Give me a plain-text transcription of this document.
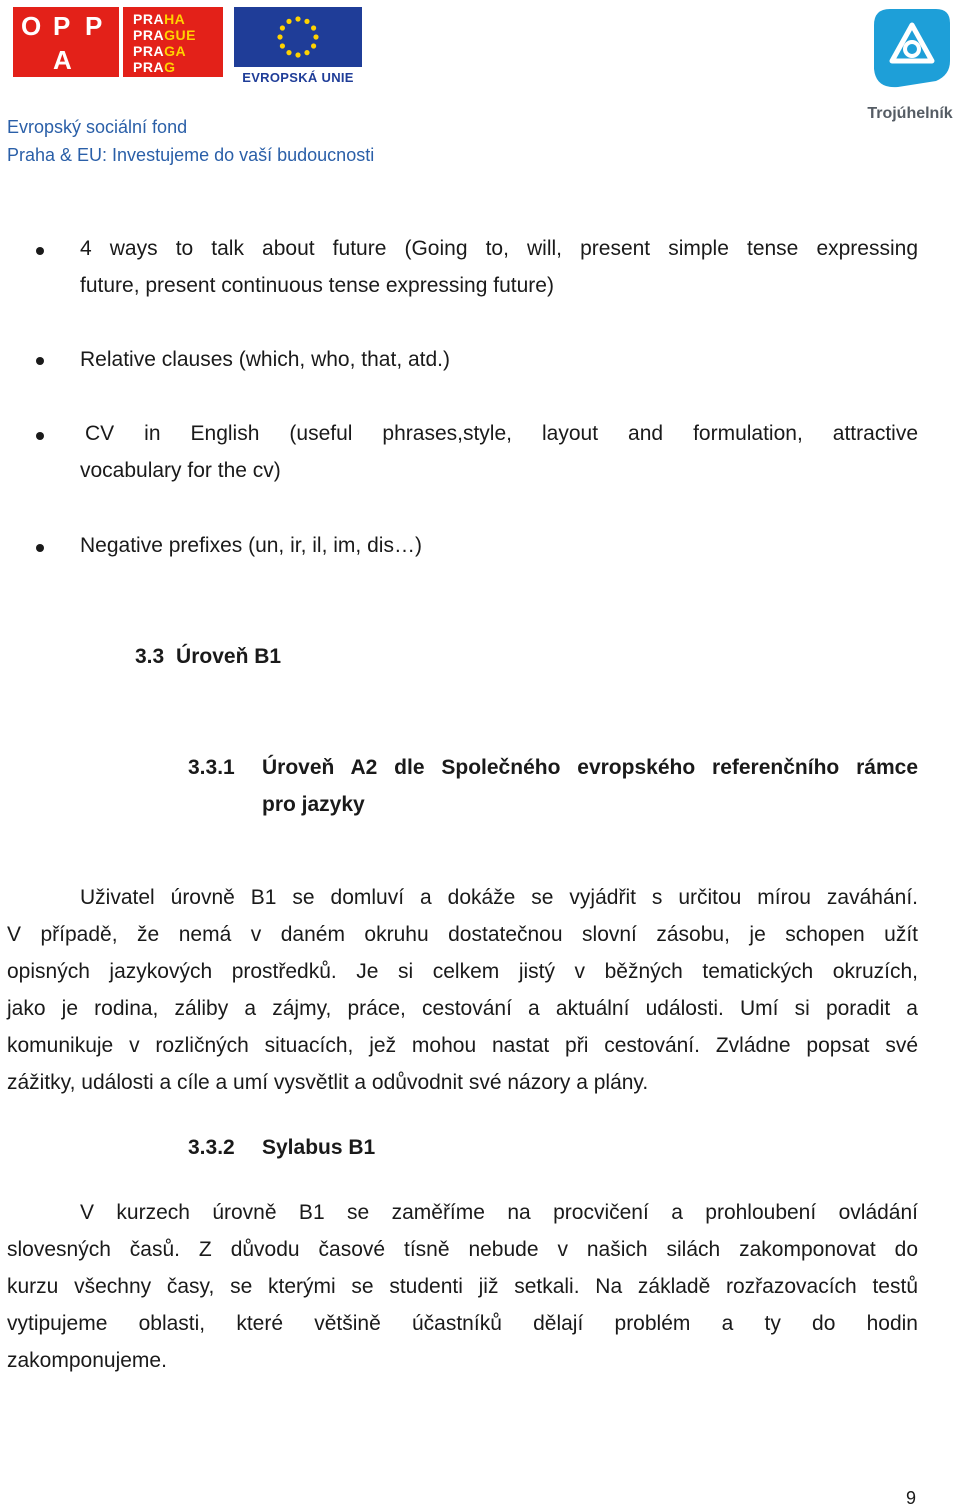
O P P
A
PRAHA
PRAGUE
PRAGA
PRAG
EVROPSKÁ UNIE
Trojúhelník
Evropský sociální fond
Praha & EU: Investujeme do vaší budoucnosti
4 ways to talk about future (Going to, will, present simple tense expressing
future, present continuous tense expressing future)
Relative clauses (which, who, that, atd.)
CV in English (useful phrases,style, layout and formulation, attractive
vocabulary for the cv)
Negative prefixes (un, ir, il, im, dis…)
3.3 Úroveň B1
3.3.1 Úroveň A2 dle Společného evropského referenčního rámce
pro jazyky
Uživatel úrovně B1 se domluví a dokáže se vyjádřit s určitou mírou zaváhání.
V případě, že nemá v daném okruhu dostatečnou slovní zásobu, je schopen užít
opisných jazykových prostředků. Je si celkem jistý v běžných tematických okruzích,
jako je rodina, záliby a zájmy, práce, cestování a aktuální události. Umí si poradit a
komunikuje v rozličných situacích, jež mohou nastat při cestování. Zvládne popsat své
zážitky, události a cíle a umí vysvětlit a odůvodnit své názory a plány.
3.3.2 Sylabus B1
V kurzech úrovně B1 se zaměříme na procvičení a prohloubení ovládání
slovesných časů. Z důvodu časové tísně nebude v našich silách zakomponovat do
kurzu všechny časy, se kterými se studenti již setkali. Na základě rozřazovacích testů
vytipujeme oblasti, které většině účastníků dělají problém a ty do hodin
zakomponujeme.
9
